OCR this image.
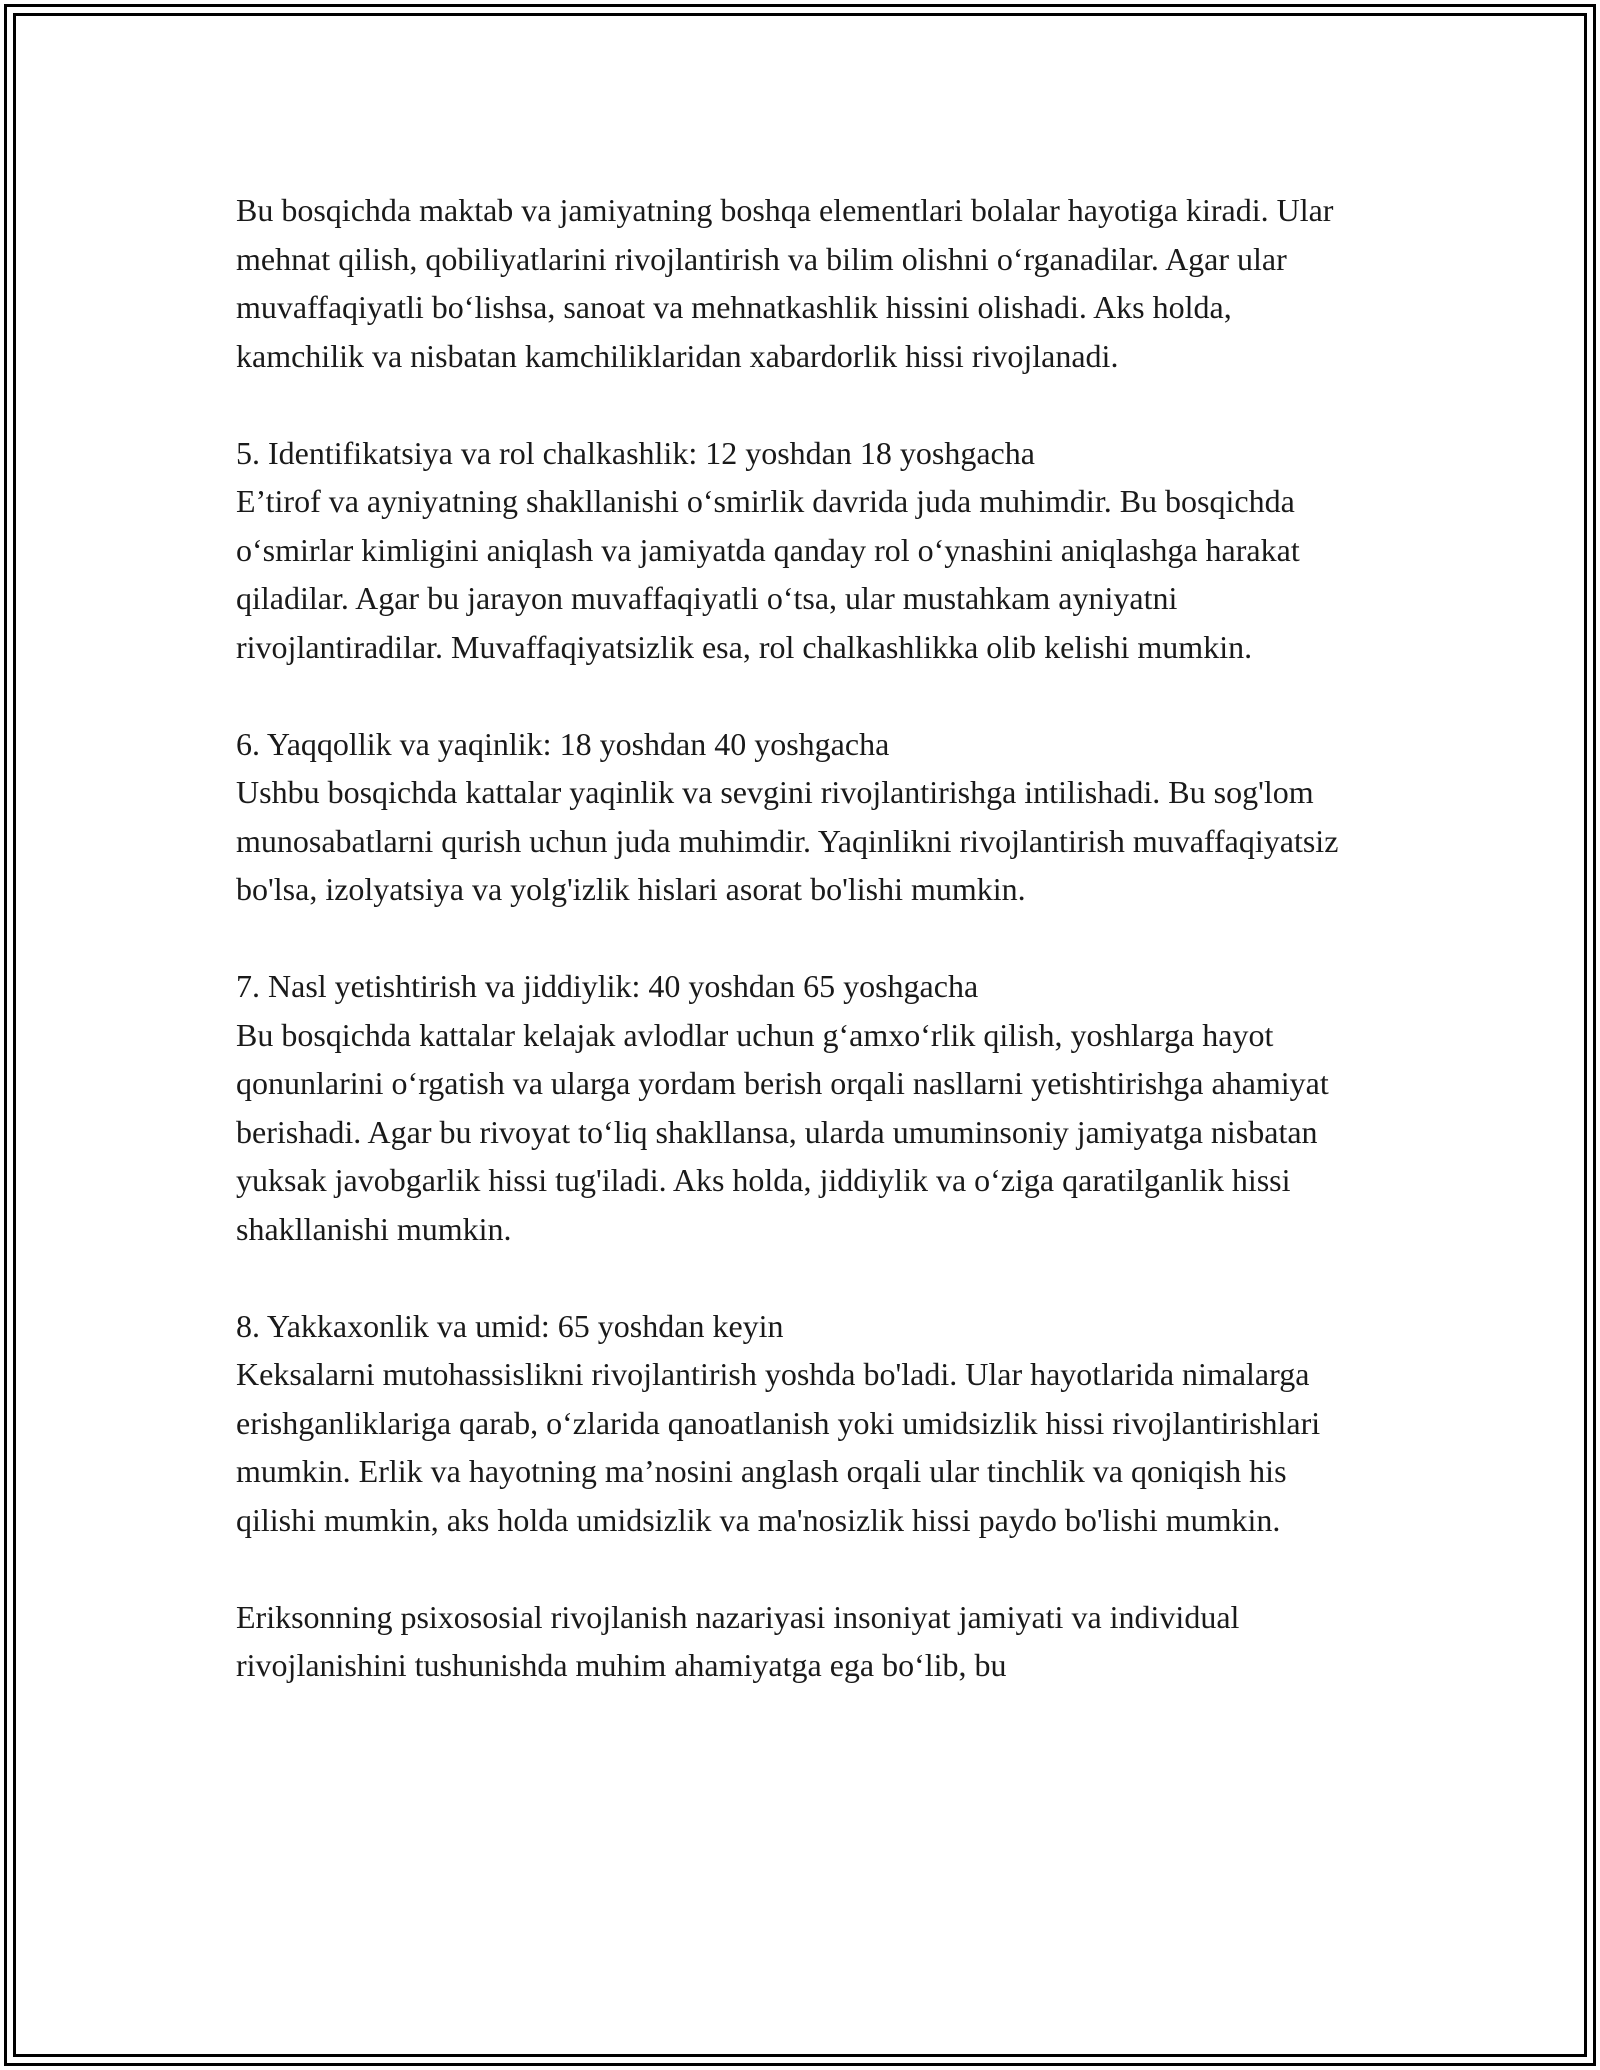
Bu bosqichda maktab va jamiyatning boshqa elementlari bolalar hayotiga kiradi. Ular mehnat qilish, qobiliyatlarini rivojlantirish va bilim olishni o‘rganadilar. Agar ular muvaffaqiyatli bo‘lishsa, sanoat va mehnatkashlik hissini olishadi. Aks holda, kamchilik va nisbatan kamchiliklaridan xabardorlik hissi rivojlanadi.

5. Identifikatsiya va rol chalkashlik: 12 yoshdan 18 yoshgacha

E’tirof va ayniyatning shakllanishi o‘smirlik davrida juda muhimdir. Bu bosqichda o‘smirlar kimligini aniqlash va jamiyatda qanday rol o‘ynashini aniqlashga harakat qiladilar. Agar bu jarayon muvaffaqiyatli o‘tsa, ular mustahkam ayniyatni rivojlantiradilar. Muvaffaqiyatsizlik esa, rol chalkashlikka olib kelishi mumkin.

6. Yaqqollik va yaqinlik: 18 yoshdan 40 yoshgacha

Ushbu bosqichda kattalar yaqinlik va sevgini rivojlantirishga intilishadi. Bu sog'lom munosabatlarni qurish uchun juda muhimdir. Yaqinlikni rivojlantirish muvaffaqiyatsiz bo'lsa, izolyatsiya va yolg'izlik hislari asorat bo'lishi mumkin.

7. Nasl yetishtirish va jiddiylik: 40 yoshdan 65 yoshgacha

Bu bosqichda kattalar kelajak avlodlar uchun g‘amxo‘rlik qilish, yoshlarga hayot qonunlarini o‘rgatish va ularga yordam berish orqali nasllarni yetishtirishga ahamiyat berishadi. Agar bu rivoyat to‘liq shakllansa, ularda umuminsoniy jamiyatga nisbatan yuksak javobgarlik hissi tug'iladi. Aks holda, jiddiylik va o‘ziga qaratilganlik hissi shakllanishi mumkin.

8. Yakkaxonlik va umid: 65 yoshdan keyin

Keksalarni mutohassislikni rivojlantirish yoshda bo'ladi. Ular hayotlarida nimalarga erishganliklariga qarab, o‘zlarida qanoatlanish yoki umidsizlik hissi rivojlantirishlari mumkin. Erlik va hayotning ma’nosini anglash orqali ular tinchlik va qoniqish his qilishi mumkin, aks holda umidsizlik va ma'nosizlik hissi paydo bo'lishi mumkin.

Eriksonning psixososial rivojlanish nazariyasi insoniyat jamiyati va individual rivojlanishini tushunishda muhim ahamiyatga ega bo‘lib, bu
